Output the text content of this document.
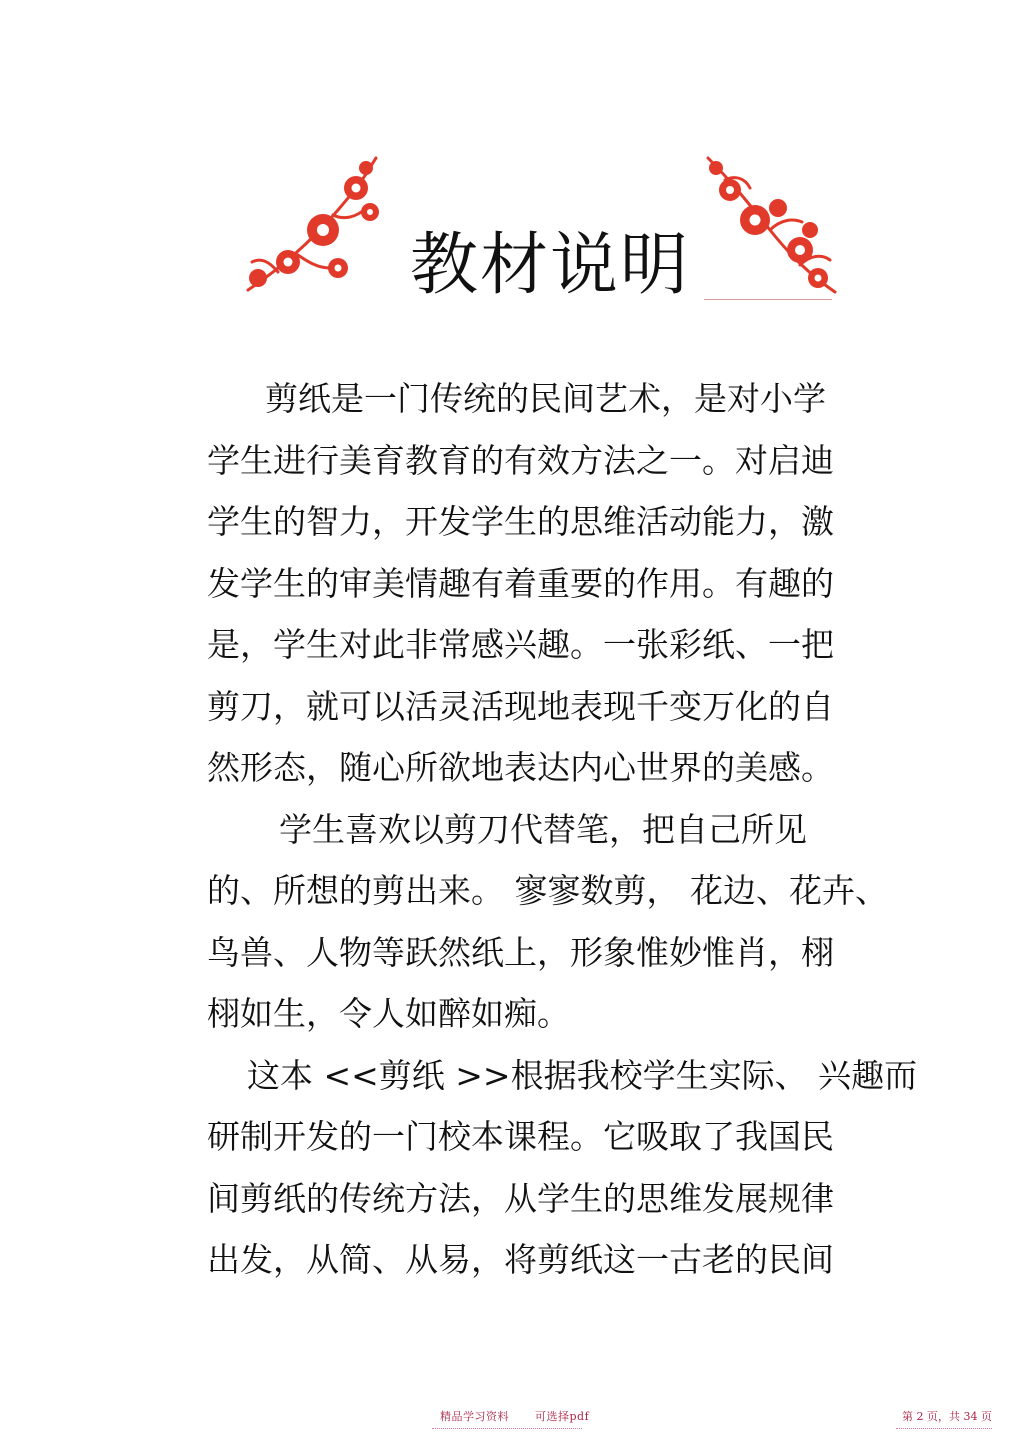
教材说明
剪纸是一门传统的民间艺术，是对小学
学生进行美育教育的有效方法之一。对启迪
学生的智力，开发学生的思维活动能力，激
发学生的审美情趣有着重要的作用。有趣的
是，学生对此非常感兴趣。一张彩纸、一把
剪刀，就可以活灵活现地表现千变万化的自
然形态，随心所欲地表达内心世界的美感。
学生喜欢以剪刀代替笔，把自己所见
的、所想的剪出来。 寥寥数剪， 花边、花卉、
鸟兽、人物等跃然纸上，形象惟妙惟肖，栩
栩如生，令人如醉如痴。
这本 <<剪纸 >>根据我校学生实际、 兴趣而
研制开发的一门校本课程。它吸取了我国民
间剪纸的传统方法，从学生的思维发展规律
出发，从简、从易，将剪纸这一古老的民间
精品学习资料 可选择pdf	第 2 页，共 34 页
